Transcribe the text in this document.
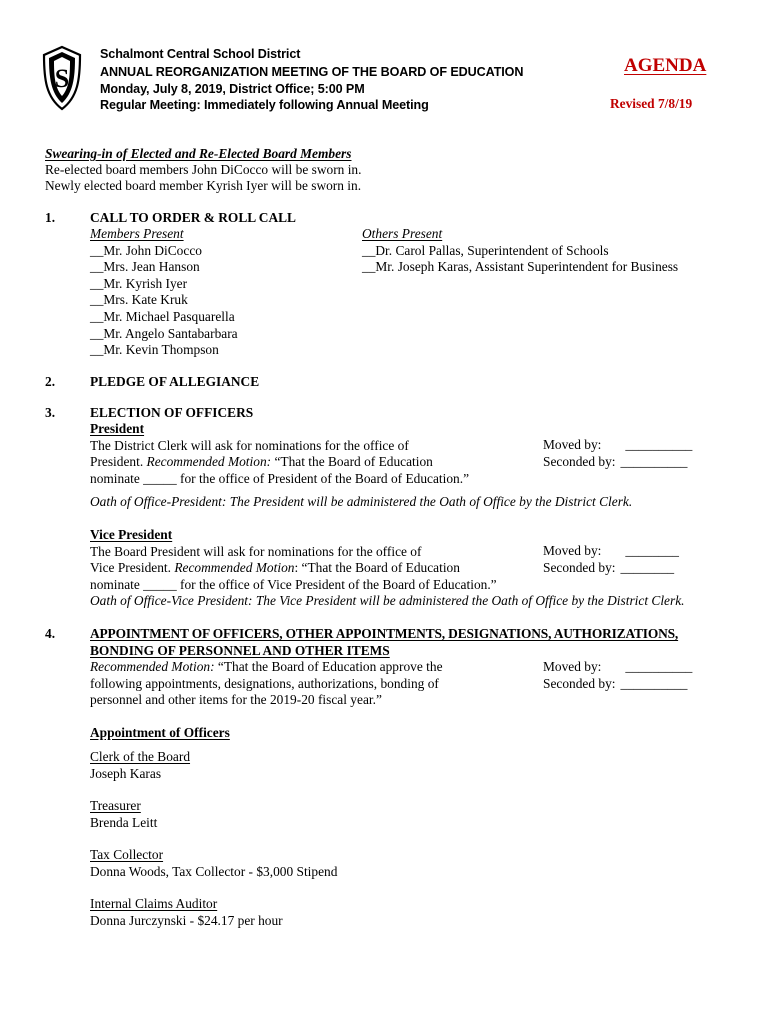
S
Schalmont Central School District
ANNUAL REORGANIZATION MEETING OF THE BOARD OF EDUCATION
Monday, July 8, 2019, District Office; 5:00 PM
Regular Meeting: Immediately following Annual Meeting
AGENDA
Revised 7/8/19
Swearing-in of Elected and Re-Elected Board Members
Re-elected board members John DiCocco will be sworn in.
Newly elected board member Kyrish Iyer will be sworn in.
1.	CALL TO ORDER & ROLL CALL
Members Present
__Mr. John DiCocco
__Mrs. Jean Hanson
__Mr. Kyrish Iyer
__Mrs. Kate Kruk
__Mr. Michael Pasquarella
__Mr. Angelo Santabarbara
__Mr. Kevin Thompson
Others Present
__Dr. Carol Pallas, Superintendent of Schools
__Mr. Joseph Karas, Assistant Superintendent for Business
2.	PLEDGE OF ALLEGIANCE
3.	ELECTION OF OFFICERS
President
The District Clerk will ask for nominations for the office of
President. Recommended Motion: “That the Board of Education
nominate _____ for the office of President of the Board of Education.”
Moved by: __________
Seconded by: __________
Oath of Office-President: The President will be administered the Oath of Office by the District Clerk.
Vice President
The Board President will ask for nominations for the office of
Vice President. Recommended Motion: “That the Board of Education
nominate _____ for the office of Vice President of the Board of Education.”
Oath of Office-Vice President: The Vice President will be administered the Oath of Office by the District Clerk.
Moved by: ________
Seconded by: ________
4.	APPOINTMENT OF OFFICERS, OTHER APPOINTMENTS, DESIGNATIONS, AUTHORIZATIONS,
BONDING OF PERSONNEL AND OTHER ITEMS
Recommended Motion: “That the Board of Education approve the
following appointments, designations, authorizations, bonding of
personnel and other items for the 2019-20 fiscal year.”
Moved by: __________
Seconded by: __________
Appointment of Officers
Clerk of the Board
Joseph Karas
Treasurer
Brenda Leitt
Tax Collector
Donna Woods, Tax Collector - $3,000 Stipend
Internal Claims Auditor
Donna Jurczynski - $24.17 per hour
